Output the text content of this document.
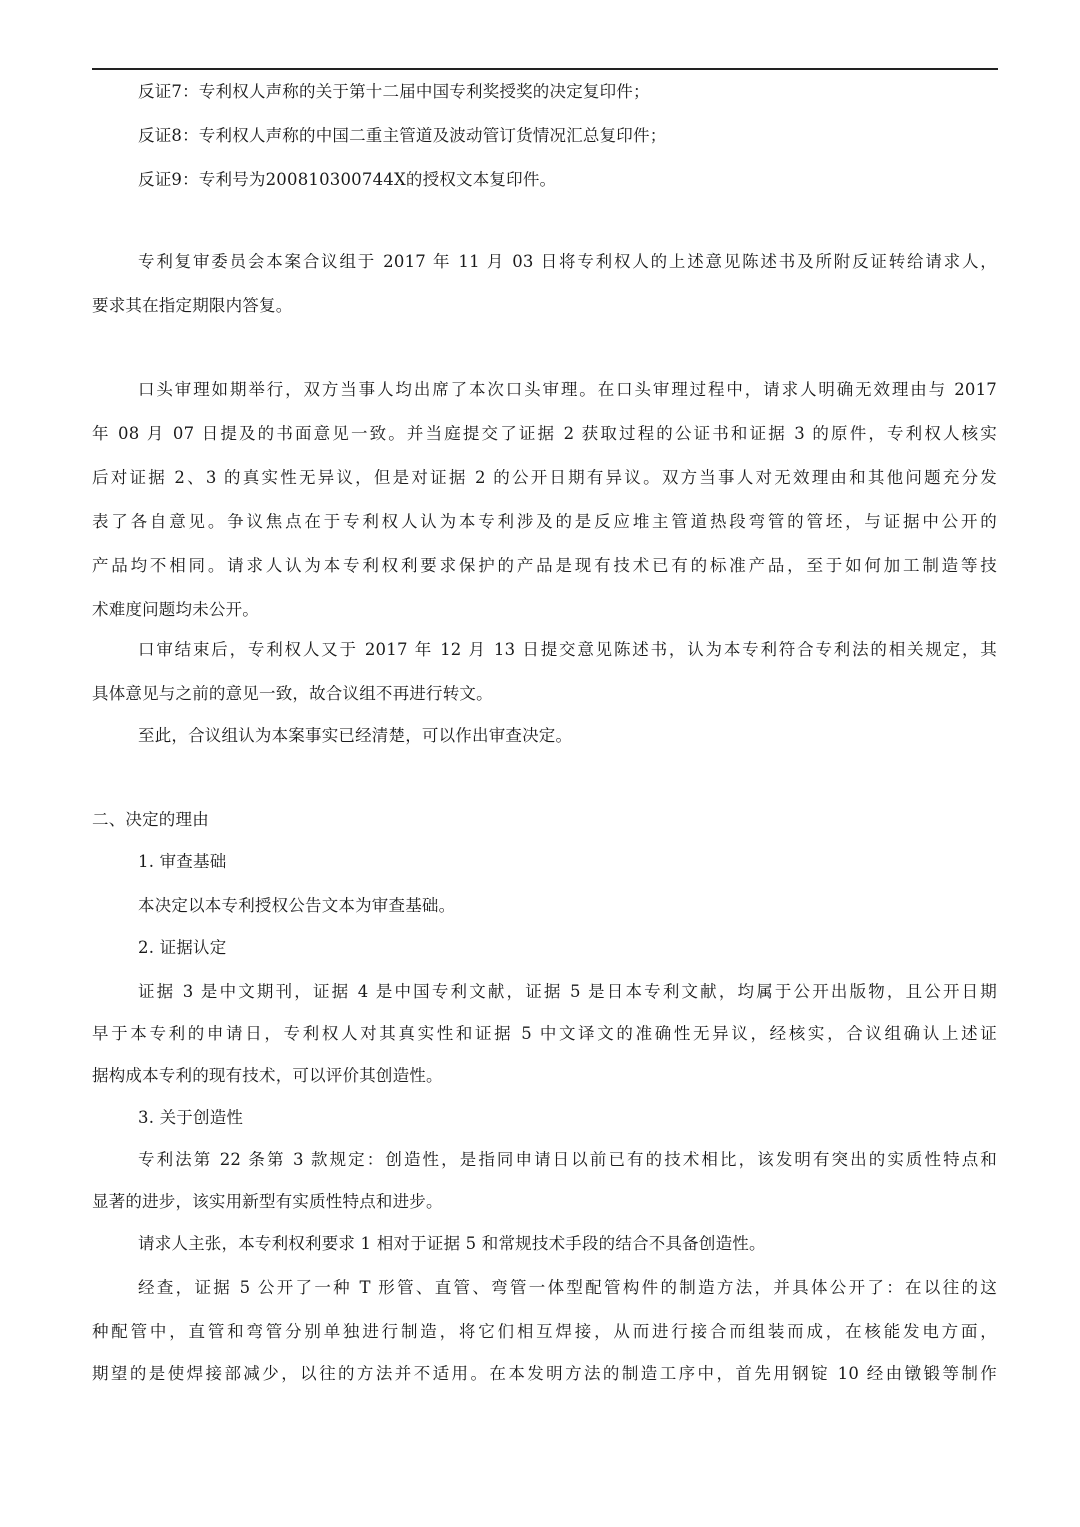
反证7：专利权人声称的关于第十二届中国专利奖授奖的决定复印件；
反证8：专利权人声称的中国二重主管道及波动管订货情况汇总复印件；
反证9：专利号为200810300744X的授权文本复印件。
专利复审委员会本案合议组于 2017 年 11 月 03 日将专利权人的上述意见陈述书及所附反证转给请求人，
要求其在指定期限内答复。
口头审理如期举行，双方当事人均出席了本次口头审理。在口头审理过程中，请求人明确无效理由与 2017
年 08 月 07 日提及的书面意见一致。并当庭提交了证据 2 获取过程的公证书和证据 3 的原件，专利权人核实
后对证据 2、3 的真实性无异议，但是对证据 2 的公开日期有异议。双方当事人对无效理由和其他问题充分发
表了各自意见。争议焦点在于专利权人认为本专利涉及的是反应堆主管道热段弯管的管坯，与证据中公开的
产品均不相同。请求人认为本专利权利要求保护的产品是现有技术已有的标准产品，至于如何加工制造等技
术难度问题均未公开。
口审结束后，专利权人又于 2017 年 12 月 13 日提交意见陈述书，认为本专利符合专利法的相关规定，其
具体意见与之前的意见一致，故合议组不再进行转文。
至此，合议组认为本案事实已经清楚，可以作出审查决定。
二、决定的理由
1. 审查基础
本决定以本专利授权公告文本为审查基础。
2. 证据认定
证据 3 是中文期刊，证据 4 是中国专利文献，证据 5 是日本专利文献，均属于公开出版物，且公开日期
早于本专利的申请日，专利权人对其真实性和证据 5 中文译文的准确性无异议，经核实，合议组确认上述证
据构成本专利的现有技术，可以评价其创造性。
3. 关于创造性
专利法第 22 条第 3 款规定：创造性，是指同申请日以前已有的技术相比，该发明有突出的实质性特点和
显著的进步，该实用新型有实质性特点和进步。
请求人主张，本专利权利要求 1 相对于证据 5 和常规技术手段的结合不具备创造性。
经查，证据 5 公开了一种 T 形管、直管、弯管一体型配管构件的制造方法，并具体公开了：在以往的这
种配管中，直管和弯管分别单独进行制造，将它们相互焊接，从而进行接合而组装而成，在核能发电方面，
期望的是使焊接部减少，以往的方法并不适用。在本发明方法的制造工序中，首先用钢锭 10 经由镦锻等制作
